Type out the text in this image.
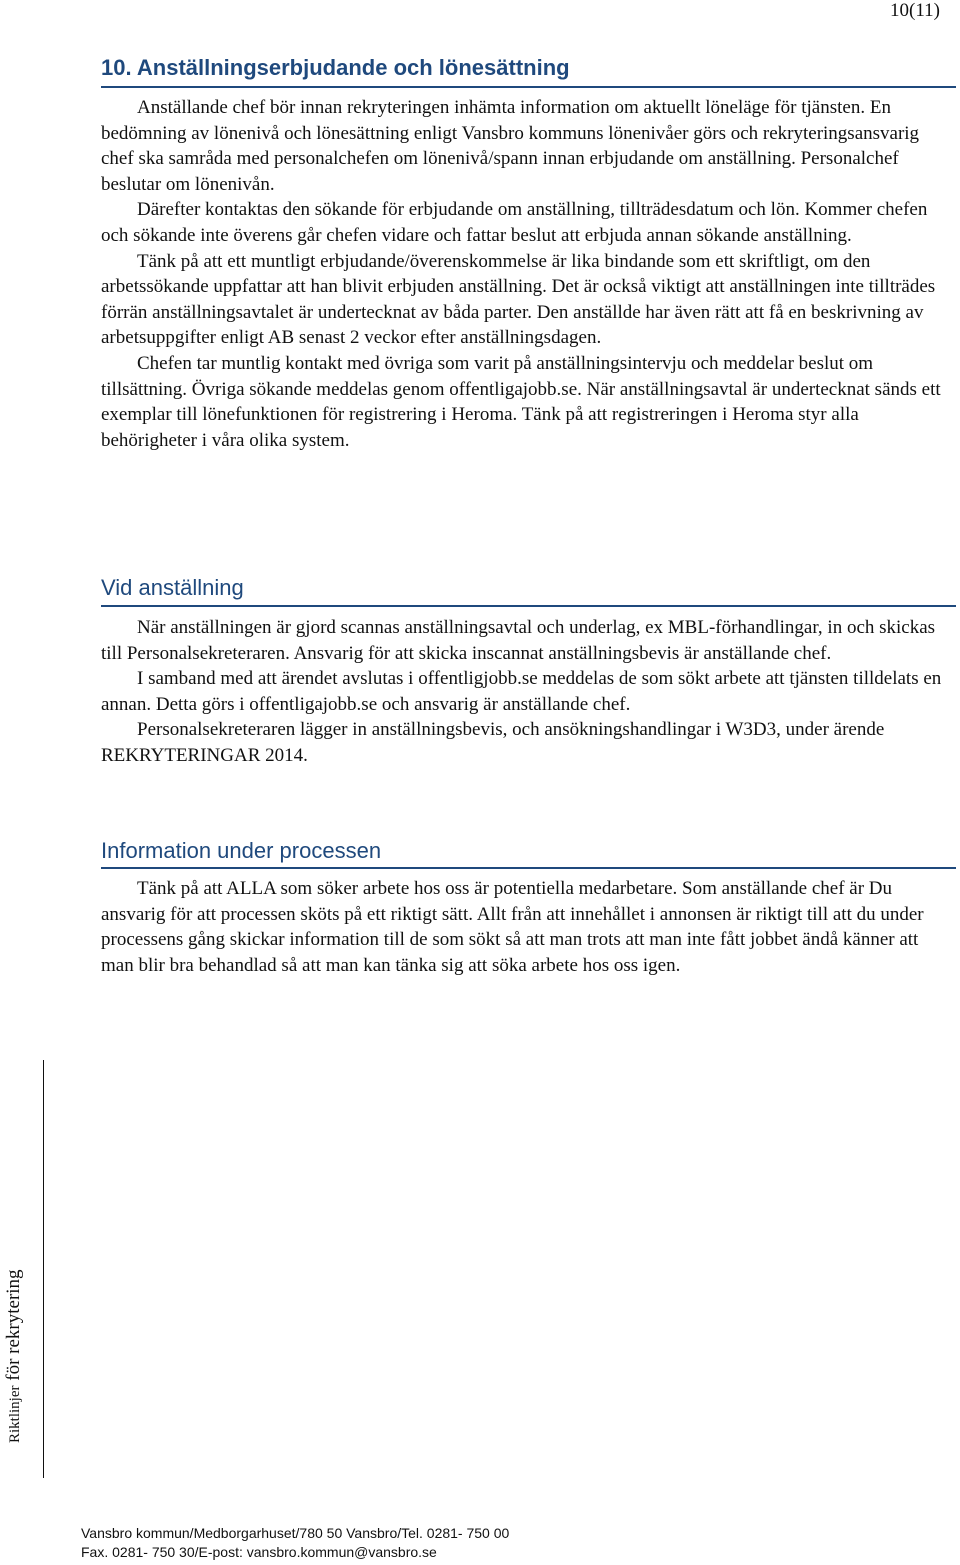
10(11)
10. Anställningserbjudande och lönesättning

Anställande chef bör innan rekryteringen inhämta information om aktuellt löneläge för tjänsten. En bedömning av lönenivå och lönesättning enligt Vansbro kommuns lönenivåer görs och rekryteringsansvarig chef ska samråda med personalchefen om lönenivå/spann innan erbjudande om anställning. Personalchef beslutar om lönenivån.

Därefter kontaktas den sökande för erbjudande om anställning, tillträdesdatum och lön. Kommer chefen och sökande inte överens går chefen vidare och fattar beslut att erbjuda annan sökande anställning.

Tänk på att ett muntligt erbjudande/överenskommelse är lika bindande som ett skriftligt, om den arbetssökande uppfattar att han blivit erbjuden anställning. Det är också viktigt att anställningen inte tillträdes förrän anställningsavtalet är undertecknat av båda parter. Den anställde har även rätt att få en beskrivning av arbetsuppgifter enligt AB senast 2 veckor efter anställningsdagen.

Chefen tar muntlig kontakt med övriga som varit på anställningsintervju och meddelar beslut om tillsättning. Övriga sökande meddelas genom offentligajobb.se. När anställningsavtal är undertecknat sänds ett exemplar till lönefunktionen för registrering i Heroma. Tänk på att registreringen i Heroma styr alla behörigheter i våra olika system.

Vid anställning

När anställningen är gjord scannas anställningsavtal och underlag, ex MBL-förhandlingar, in och skickas till Personalsekreteraren. Ansvarig för att skicka inscannat anställningsbevis är anställande chef.

I samband med att ärendet avslutas i offentligjobb.se meddelas de som sökt arbete att tjänsten tilldelats en annan. Detta görs i offentligajobb.se och ansvarig är anställande chef.

Personalsekreteraren lägger in anställningsbevis, och ansökningshandlingar i W3D3, under ärende REKRYTERINGAR 2014.

Information under processen

Tänk på att ALLA som söker arbete hos oss är potentiella medarbetare. Som anställande chef är Du ansvarig för att processen sköts på ett riktigt sätt. Allt från att innehållet i annonsen är riktigt till att du under processens gång skickar information till de som sökt så att man trots att man inte fått jobbet ändå känner att man blir bra behandlad så att man kan tänka sig att söka arbete hos oss igen.

Riktlinjer för rekrytering
Vansbro kommun/Medborgarhuset/780 50 Vansbro/Tel. 0281- 750 00
Fax. 0281- 750 30/E-post: vansbro.kommun@vansbro.se
